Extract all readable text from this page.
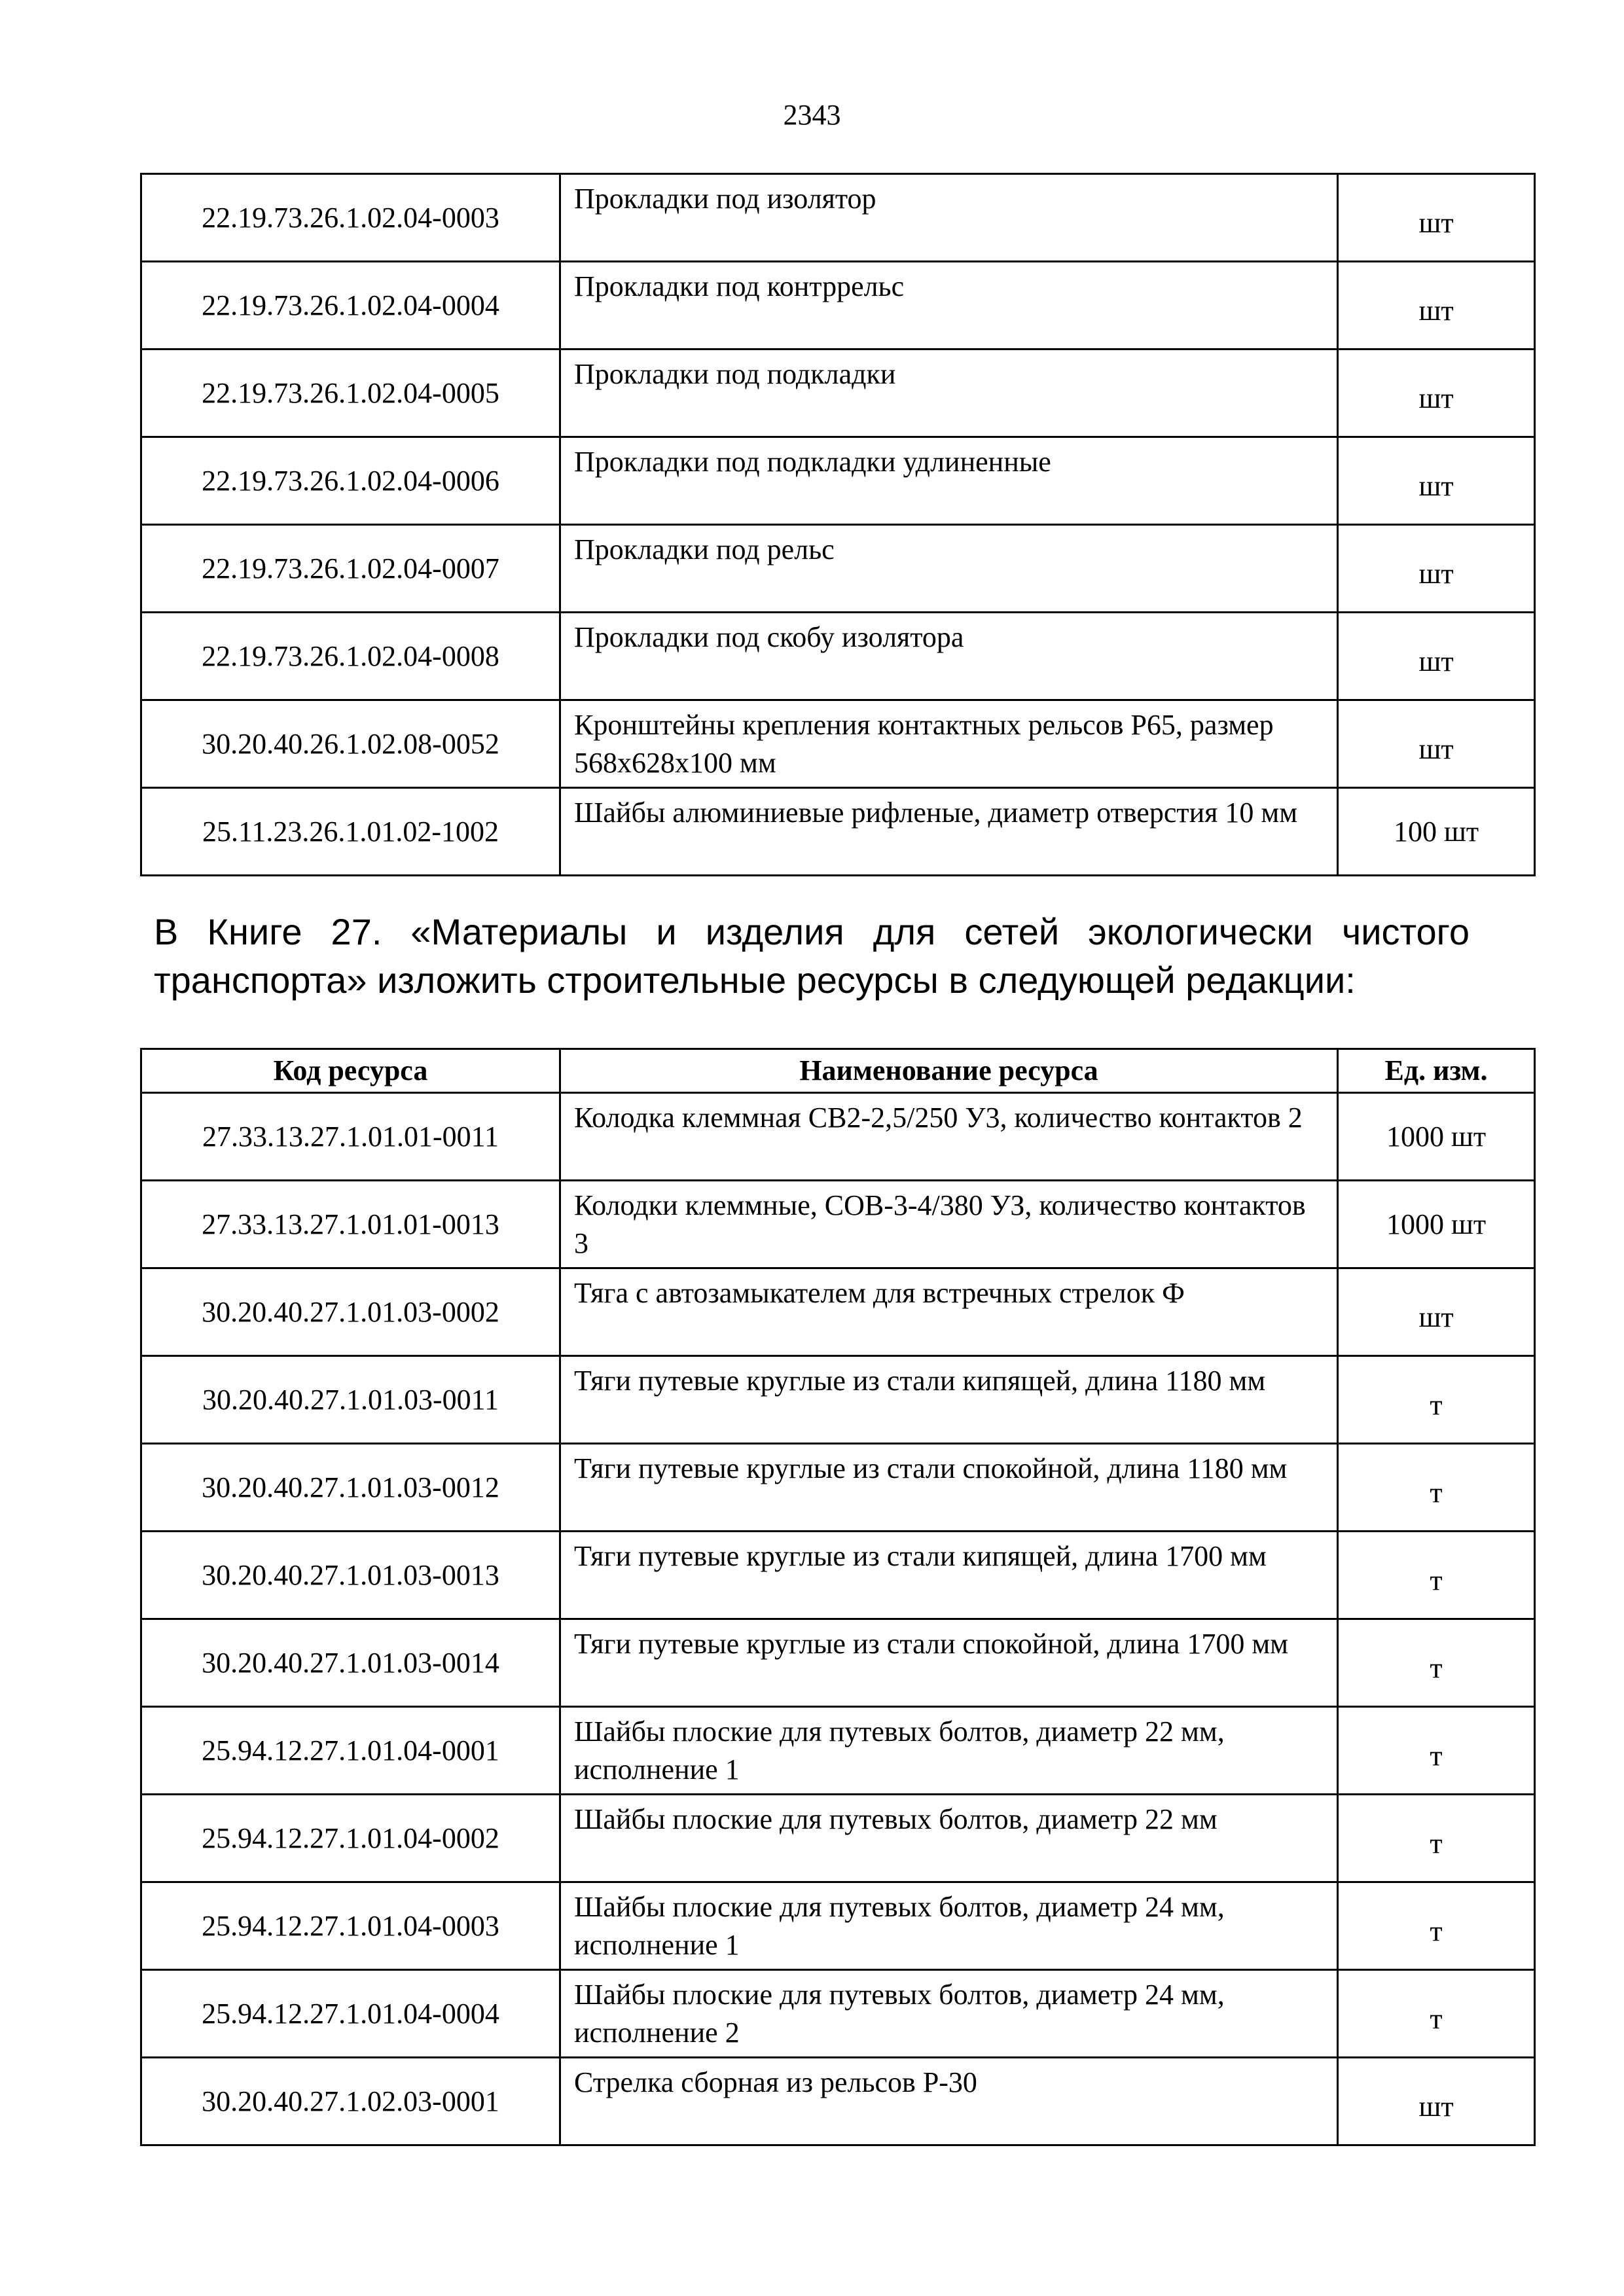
2343
22.19.73.26.1.02.04-0003	Прокладки под изолятор	шт
22.19.73.26.1.02.04-0004	Прокладки под контррельс	шт
22.19.73.26.1.02.04-0005	Прокладки под подкладки	шт
22.19.73.26.1.02.04-0006	Прокладки под подкладки удлиненные	шт
22.19.73.26.1.02.04-0007	Прокладки под рельс	шт
22.19.73.26.1.02.04-0008	Прокладки под скобу изолятора	шт
30.20.40.26.1.02.08-0052	Кронштейны крепления контактных рельсов Р65, размер 568х628х100 мм	шт
25.11.23.26.1.01.02-1002	Шайбы алюминиевые рифленые, диаметр отверстия 10 мм	100 шт

В Книге 27. «Материалы и изделия для сетей экологически чистого
транспорта» изложить строительные ресурсы в следующей редакции:

Код ресурса	Наименование ресурса	Ед. изм.
27.33.13.27.1.01.01-0011	Колодка клеммная СВ2-2,5/250 У3, количество контактов 2	1000 шт
27.33.13.27.1.01.01-0013	Колодки клеммные, СОВ-3-4/380 УЗ, количество контактов 3	1000 шт
30.20.40.27.1.01.03-0002	Тяга с автозамыкателем для встречных стрелок Ф	шт
30.20.40.27.1.01.03-0011	Тяги путевые круглые из стали кипящей, длина 1180 мм	т
30.20.40.27.1.01.03-0012	Тяги путевые круглые из стали спокойной, длина 1180 мм	т
30.20.40.27.1.01.03-0013	Тяги путевые круглые из стали кипящей, длина 1700 мм	т
30.20.40.27.1.01.03-0014	Тяги путевые круглые из стали спокойной, длина 1700 мм	т
25.94.12.27.1.01.04-0001	Шайбы плоские для путевых болтов, диаметр 22 мм, исполнение 1	т
25.94.12.27.1.01.04-0002	Шайбы плоские для путевых болтов, диаметр 22 мм	т
25.94.12.27.1.01.04-0003	Шайбы плоские для путевых болтов, диаметр 24 мм, исполнение 1	т
25.94.12.27.1.01.04-0004	Шайбы плоские для путевых болтов, диаметр 24 мм, исполнение 2	т
30.20.40.27.1.02.03-0001	Стрелка сборная из рельсов Р-30	шт
